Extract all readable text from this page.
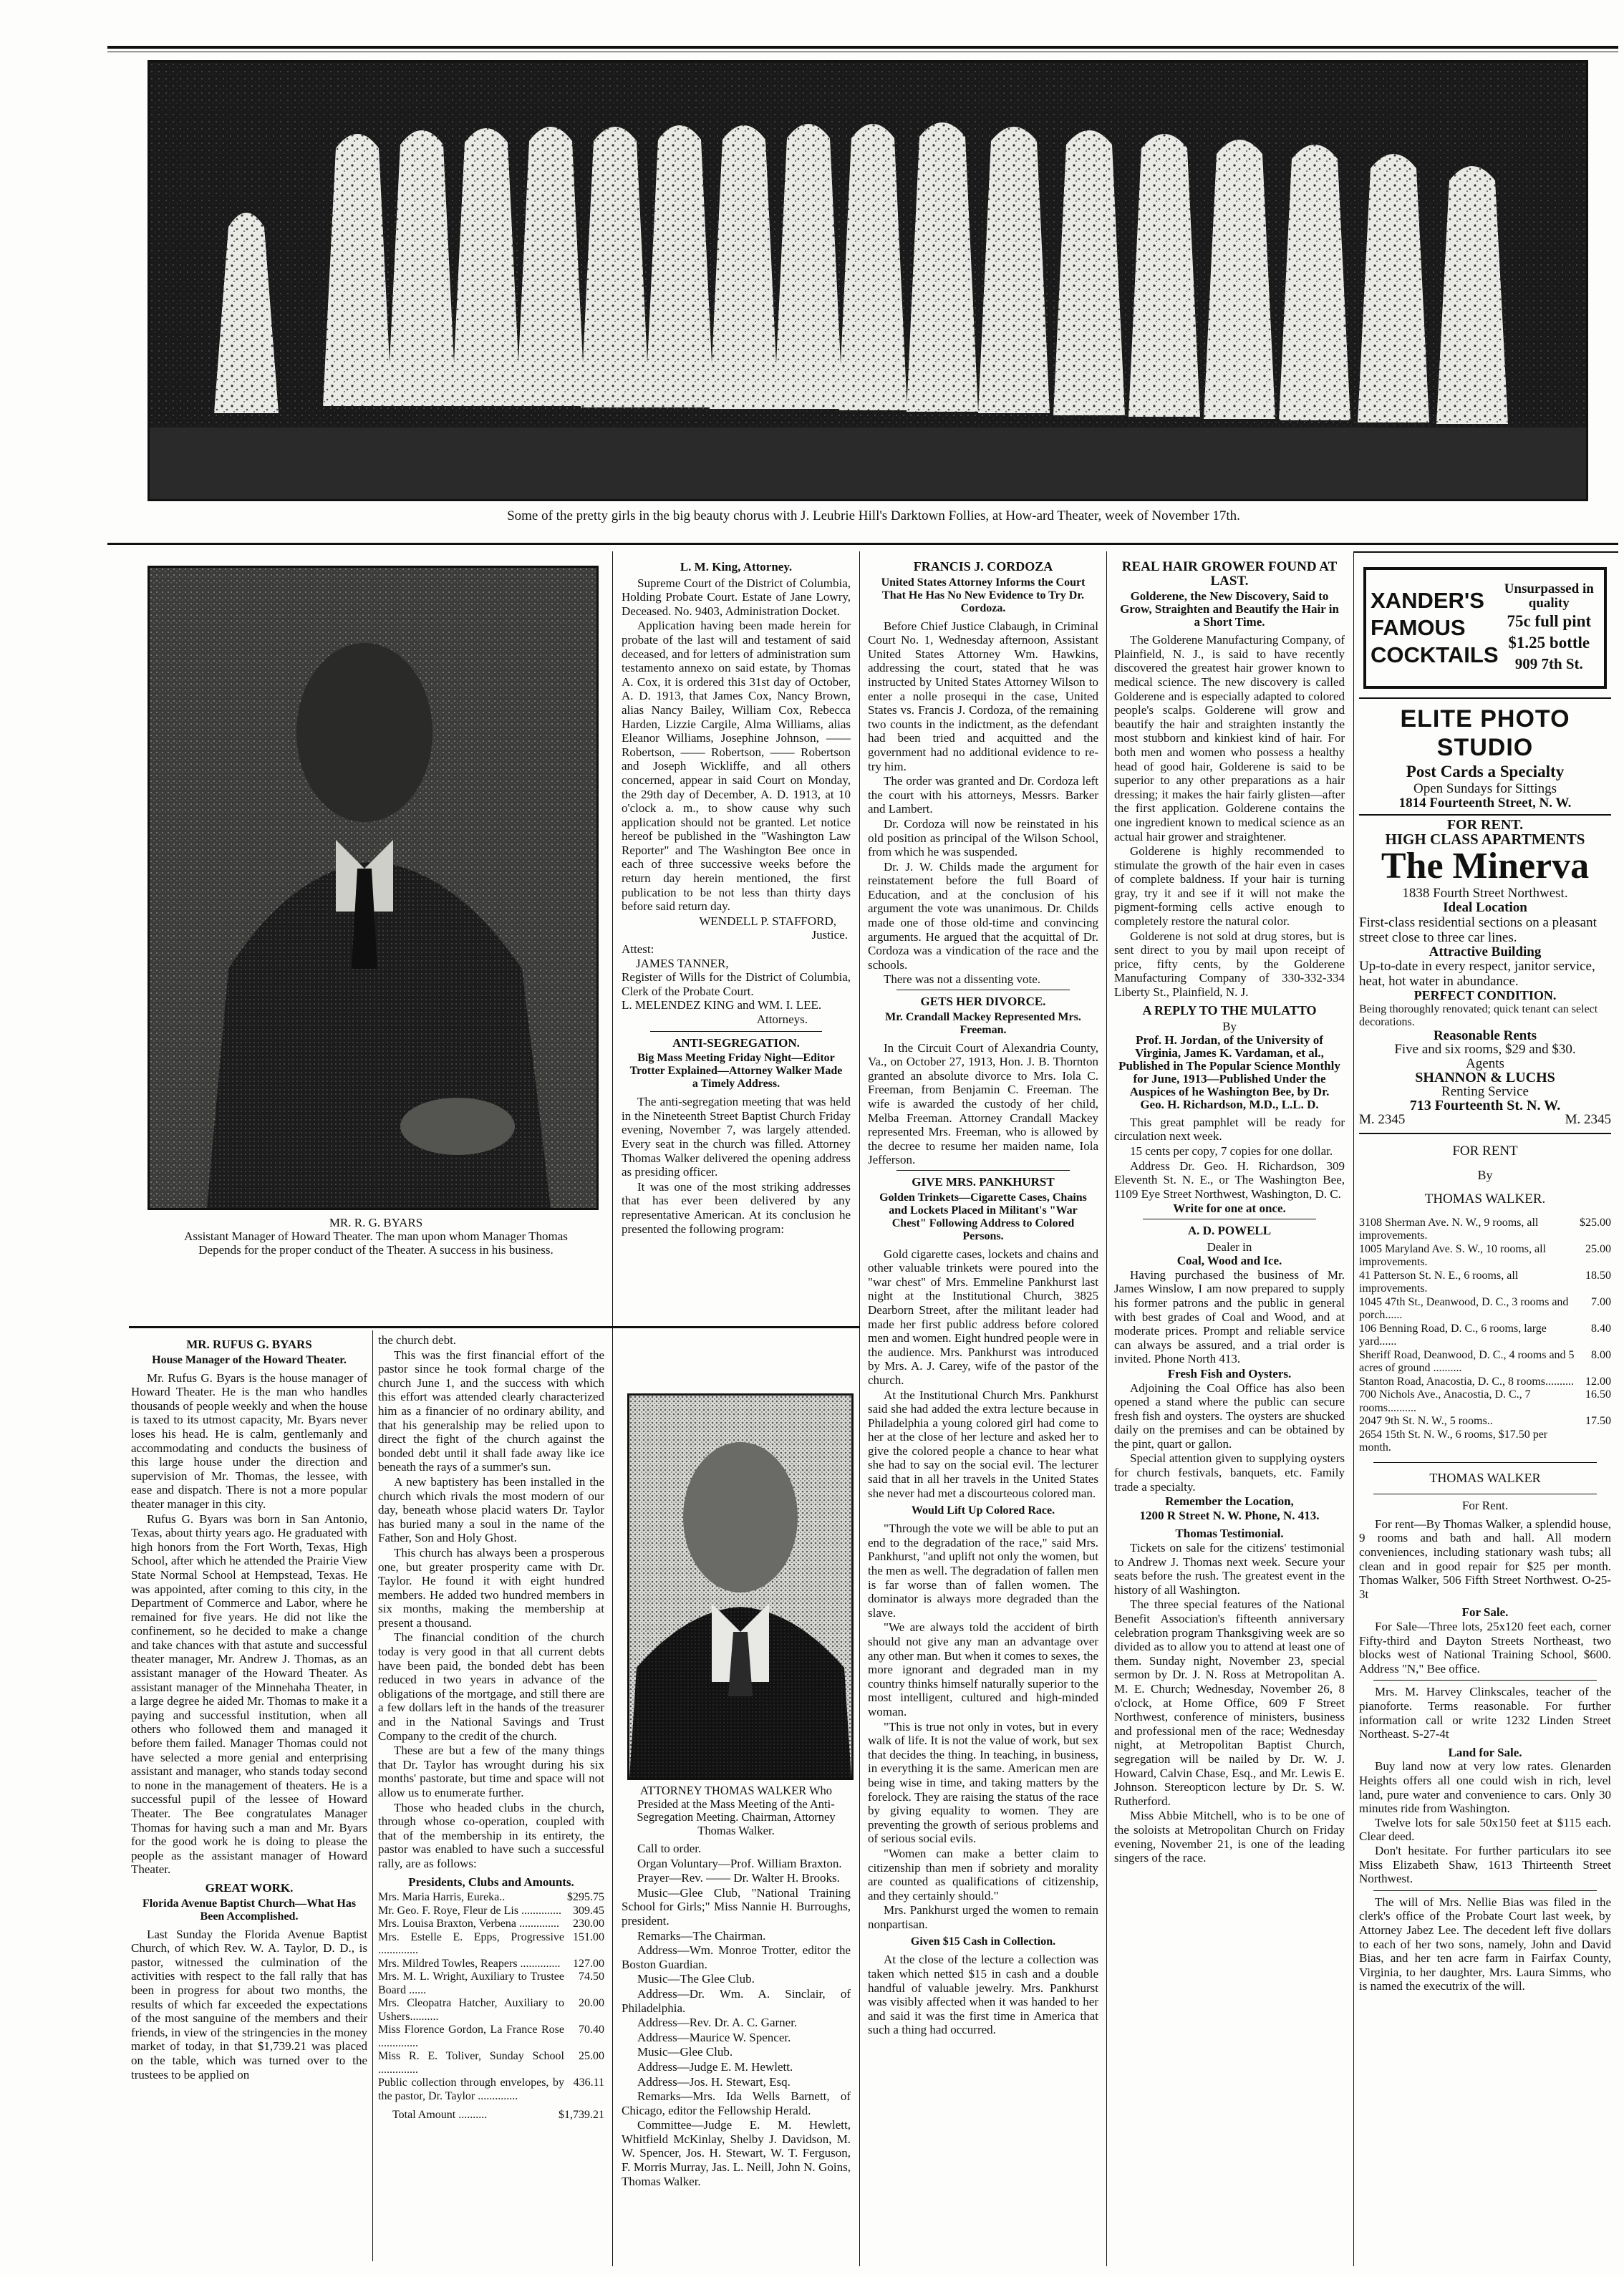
Some of the pretty girls in the big beauty chorus with J. Leubrie Hill's Darktown Follies, at How-ard Theater, week of November 17th.
MR. R. G. BYARS
Assistant Manager of Howard Theater. The man upon whom Manager Thomas Depends for the proper conduct of the Theater. A success in his business.
MR. RUFUS G. BYARS
House Manager of the Howard Theater.

Mr. Rufus G. Byars is the house manager of Howard Theater. He is the man who handles thousands of people weekly and when the house is taxed to its utmost capacity, Mr. Byars never loses his head. He is calm, gentlemanly and accommodating and conducts the business of this large house under the direction and supervision of Mr. Thomas, the lessee, with ease and dispatch. There is not a more popular theater manager in this city.

Rufus G. Byars was born in San Antonio, Texas, about thirty years ago. He graduated with high honors from the Fort Worth, Texas, High School, after which he attended the Prairie View State Normal School at Hempstead, Texas. He was appointed, after coming to this city, in the Department of Commerce and Labor, where he remained for five years. He did not like the confinement, so he decided to make a change and take chances with that astute and successful theater manager, Mr. Andrew J. Thomas, as an assistant manager of the Howard Theater. As assistant manager of the Minnehaha Theater, in a large degree he aided Mr. Thomas to make it a paying and successful institution, when all others who followed them and managed it before them failed. Manager Thomas could not have selected a more genial and enterprising assistant and manager, who stands today second to none in the management of theaters. He is a successful pupil of the lessee of Howard Theater. The Bee congratulates Manager Thomas for having such a man and Mr. Byars for the good work he is doing to please the people as the assistant manager of Howard Theater.

GREAT WORK.
Florida Avenue Baptist Church—What Has Been Accomplished.

Last Sunday the Florida Avenue Baptist Church, of which Rev. W. A. Taylor, D. D., is pastor, witnessed the culmination of the activities with respect to the fall rally that has been in progress for about two months, the results of which far exceeded the expectations of the most sanguine of the members and their friends, in view of the stringencies in the money market of today, in that $1,739.21 was placed on the table, which was turned over to the trustees to be applied on

the church debt.

This was the first financial effort of the pastor since he took formal charge of the church June 1, and the success with which this effort was attended clearly characterized him as a financier of no ordinary ability, and that his generalship may be relied upon to direct the fight of the church against the bonded debt until it shall fade away like ice beneath the rays of a summer's sun.

A new baptistery has been installed in the church which rivals the most modern of our day, beneath whose placid waters Dr. Taylor has buried many a soul in the name of the Father, Son and Holy Ghost.

This church has always been a prosperous one, but greater prosperity came with Dr. Taylor. He found it with eight hundred members. He added two hundred members in six months, making the membership at present a thousand.

The financial condition of the church today is very good in that all current debts have been paid, the bonded debt has been reduced in two years in advance of the obligations of the mortgage, and still there are a few dollars left in the hands of the treasurer and in the National Savings and Trust Company to the credit of the church.

These are but a few of the many things that Dr. Taylor has wrought during his six months' pastorate, but time and space will not allow us to enumerate further.

Those who headed clubs in the church, through whose co-operation, coupled with that of the membership in its entirety, the pastor was enabled to have such a successful rally, are as follows:

Presidents, Clubs and Amounts.
Mrs. Maria Harris, Eureka..	$295.75
Mr. Geo. F. Roye, Fleur de Lis ..............	309.45
Mrs. Louisa Braxton, Verbena ..............	230.00
Mrs. Estelle E. Epps, Progressive ..............	151.00
Mrs. Mildred Towles, Reapers ..............	127.00
Mrs. M. L. Wright, Auxiliary to Trustee Board ......	74.50
Mrs. Cleopatra Hatcher, Auxiliary to Ushers..........	20.00
Miss Florence Gordon, La France Rose ..............	70.40
Miss R. E. Toliver, Sunday School ..............	25.00
Public collection through envelopes, by the pastor, Dr. Taylor ..............	436.11
Total Amount ..........	$1,739.21
L. M. King, Attorney.

Supreme Court of the District of Columbia, Holding Probate Court. Estate of Jane Lowry, Deceased. No. 9403, Administration Docket.

Application having been made herein for probate of the last will and testament of said deceased, and for letters of administration sum testamento annexo on said estate, by Thomas A. Cox, it is ordered this 31st day of October, A. D. 1913, that James Cox, Nancy Brown, alias Nancy Bailey, William Cox, Rebecca Harden, Lizzie Cargile, Alma Williams, alias Eleanor Williams, Josephine Johnson, —— Robertson, —— Robertson, —— Robertson and Joseph Wickliffe, and all others concerned, appear in said Court on Monday, the 29th day of December, A. D. 1913, at 10 o'clock a. m., to show cause why such application should not be granted. Let notice hereof be published in the "Washington Law Reporter" and The Washington Bee once in each of three successive weeks before the return day herein mentioned, the first publication to be not less than thirty days before said return day.

WENDELL P. STAFFORD,
Justice.
Attest:
JAMES TANNER,
Register of Wills for the District of Columbia, Clerk of the Probate Court.
L. MELENDEZ KING and WM. I. LEE.
Attorneys.
ANTI-SEGREGATION.
Big Mass Meeting Friday Night—Editor Trotter Explained—Attorney Walker Made a Timely Address.

The anti-segregation meeting that was held in the Nineteenth Street Baptist Church Friday evening, November 7, was largely attended. Every seat in the church was filled. Attorney Thomas Walker delivered the opening address as presiding officer.

It was one of the most striking addresses that has ever been delivered by any representative American. At its conclusion he presented the following program:

ATTORNEY THOMAS WALKER Who Presided at the Mass Meeting of the Anti-Segregation Meeting. Chairman, Attorney Thomas Walker.

Call to order.

Organ Voluntary—Prof. William Braxton.

Prayer—Rev. —— Dr. Walter H. Brooks.

Music—Glee Club, "National Training School for Girls;" Miss Nannie H. Burroughs, president.

Remarks—The Chairman.

Address—Wm. Monroe Trotter, editor the Boston Guardian.

Music—The Glee Club.

Address—Dr. Wm. A. Sinclair, of Philadelphia.

Address—Rev. Dr. A. C. Garner.

Address—Maurice W. Spencer.

Music—Glee Club.

Address—Judge E. M. Hewlett.

Address—Jos. H. Stewart, Esq.

Remarks—Mrs. Ida Wells Barnett, of Chicago, editor the Fellowship Herald.

Committee—Judge E. M. Hewlett, Whitfield McKinlay, Shelby J. Davidson, M. W. Spencer, Jos. H. Stewart, W. T. Ferguson, F. Morris Murray, Jas. L. Neill, John N. Goins, Thomas Walker.

FRANCIS J. CORDOZA
United States Attorney Informs the Court That He Has No New Evidence to Try Dr. Cordoza.

Before Chief Justice Clabaugh, in Criminal Court No. 1, Wednesday afternoon, Assistant United States Attorney Wm. Hawkins, addressing the court, stated that he was instructed by United States Attorney Wilson to enter a nolle prosequi in the case, United States vs. Francis J. Cordoza, of the remaining two counts in the indictment, as the defendant had been tried and acquitted and the government had no additional evidence to re-try him.

The order was granted and Dr. Cordoza left the court with his attorneys, Messrs. Barker and Lambert.

Dr. Cordoza will now be reinstated in his old position as principal of the Wilson School, from which he was suspended.

Dr. J. W. Childs made the argument for reinstatement before the full Board of Education, and at the conclusion of his argument the vote was unanimous. Dr. Childs made one of those old-time and convincing arguments. He argued that the acquittal of Dr. Cordoza was a vindication of the race and the schools.

There was not a dissenting vote.

GETS HER DIVORCE.
Mr. Crandall Mackey Represented Mrs. Freeman.

In the Circuit Court of Alexandria County, Va., on October 27, 1913, Hon. J. B. Thornton granted an absolute divorce to Mrs. Iola C. Freeman, from Benjamin C. Freeman. The wife is awarded the custody of her child, Melba Freeman. Attorney Crandall Mackey represented Mrs. Freeman, who is allowed by the decree to resume her maiden name, Iola Jefferson.

GIVE MRS. PANKHURST
Golden Trinkets—Cigarette Cases, Chains and Lockets Placed in Militant's "War Chest" Following Address to Colored Persons.

Gold cigarette cases, lockets and chains and other valuable trinkets were poured into the "war chest" of Mrs. Emmeline Pankhurst last night at the Institutional Church, 3825 Dearborn Street, after the militant leader had made her first public address before colored men and women. Eight hundred people were in the audience. Mrs. Pankhurst was introduced by Mrs. A. J. Carey, wife of the pastor of the church.

At the Institutional Church Mrs. Pankhurst said she had added the extra lecture because in Philadelphia a young colored girl had come to her at the close of her lecture and asked her to give the colored people a chance to hear what she had to say on the social evil. The lecturer said that in all her travels in the United States she never had met a discourteous colored man.

Would Lift Up Colored Race.

"Through the vote we will be able to put an end to the degradation of the race," said Mrs. Pankhurst, "and uplift not only the women, but the men as well. The degradation of fallen men is far worse than of fallen women. The dominator is always more degraded than the slave.

"We are always told the accident of birth should not give any man an advantage over any other man. But when it comes to sexes, the more ignorant and degraded man in my country thinks himself naturally superior to the most intelligent, cultured and high-minded woman.

"This is true not only in votes, but in every walk of life. It is not the value of work, but sex that decides the thing. In teaching, in business, in everything it is the same. American men are being wise in time, and taking matters by the forelock. They are raising the status of the race by giving equality to women. They are preventing the growth of serious problems and of serious social evils.

"Women can make a better claim to citizenship than men if sobriety and morality are counted as qualifications of citizenship, and they certainly should."

Mrs. Pankhurst urged the women to remain nonpartisan.

Given $15 Cash in Collection.

At the close of the lecture a collection was taken which netted $15 in cash and a double handful of valuable jewelry. Mrs. Pankhurst was visibly affected when it was handed to her and said it was the first time in America that such a thing had occurred.

REAL HAIR GROWER FOUND AT LAST.
Golderene, the New Discovery, Said to Grow, Straighten and Beautify the Hair in a Short Time.

The Golderene Manufacturing Company, of Plainfield, N. J., is said to have recently discovered the greatest hair grower known to medical science. The new discovery is called Golderene and is especially adapted to colored people's scalps. Golderene will grow and beautify the hair and straighten instantly the most stubborn and kinkiest kind of hair. For both men and women who possess a healthy head of good hair, Golderene is said to be superior to any other preparations as a hair dressing; it makes the hair fairly glisten—after the first application. Golderene contains the one ingredient known to medical science as an actual hair grower and straightener.

Golderene is highly recommended to stimulate the growth of the hair even in cases of complete baldness. If your hair is turning gray, try it and see if it will not make the pigment-forming cells active enough to completely restore the natural color.

Golderene is not sold at drug stores, but is sent direct to you by mail upon receipt of price, fifty cents, by the Golderene Manufacturing Company of 330-332-334 Liberty St., Plainfield, N. J.

A REPLY TO THE MULATTO
By
Prof. H. Jordan, of the University of Virginia, James K. Vardaman, et al., Published in The Popular Science Monthly for June, 1913—Published Under the Auspices of he Washington Bee, by Dr. Geo. H. Richardson, M.D., L.L. D.

This great pamphlet will be ready for circulation next week.

15 cents per copy, 7 copies for one dollar.

Address Dr. Geo. H. Richardson, 309 Eleventh St. N. E., or The Washington Bee, 1109 Eye Street Northwest, Washington, D. C.

Write for one at once.
A. D. POWELL
Dealer in
Coal, Wood and Ice.

Having purchased the business of Mr. James Winslow, I am now prepared to supply his former patrons and the public in general with best grades of Coal and Wood, and at moderate prices. Prompt and reliable service can always be assured, and a trial order is invited. Phone North 413.

Fresh Fish and Oysters.

Adjoining the Coal Office has also been opened a stand where the public can secure fresh fish and oysters. The oysters are shucked daily on the premises and can be obtained by the pint, quart or gallon.

Special attention given to supplying oysters for church festivals, banquets, etc. Family trade a specialty.

Remember the Location,
1200 R Street N. W. Phone, N. 413.
Thomas Testimonial.

Tickets on sale for the citizens' testimonial to Andrew J. Thomas next week. Secure your seats before the rush. The greatest event in the history of all Washington.

The three special features of the National Benefit Association's fifteenth anniversary celebration program Thanksgiving week are so divided as to allow you to attend at least one of them. Sunday night, November 23, special sermon by Dr. J. N. Ross at Metropolitan A. M. E. Church; Wednesday, November 26, 8 o'clock, at Home Office, 609 F Street Northwest, conference of ministers, business and professional men of the race; Wednesday night, at Metropolitan Baptist Church, segregation will be nailed by Dr. W. J. Howard, Calvin Chase, Esq., and Mr. Lewis E. Johnson. Stereopticon lecture by Dr. S. W. Rutherford.

Miss Abbie Mitchell, who is to be one of the soloists at Metropolitan Church on Friday evening, November 21, is one of the leading singers of the race.

XANDER'S
FAMOUS
COCKTAILS
Unsurpassed in quality
75c full pint
$1.25 bottle
909 7th St.
ELITE PHOTO STUDIO
Post Cards a Specialty
Open Sundays for Sittings
1814 Fourteenth Street, N. W.
FOR RENT.
HIGH CLASS APARTMENTS
The Minerva
1838 Fourth Street Northwest.
Ideal Location
First-class residential sections on a pleasant street close to three car lines.
Attractive Building
Up-to-date in every respect, janitor service, heat, hot water in abundance.
PERFECT CONDITION.
Being thoroughly renovated; quick tenant can select decorations.
Reasonable Rents
Five and six rooms, $29 and $30.
Agents
SHANNON & LUCHS
Renting Service
713 Fourteenth St. N. W.
M. 2345	M. 2345
FOR RENT
By
THOMAS WALKER.
3108 Sherman Ave. N. W., 9 rooms, all improvements.	$25.00
1005 Maryland Ave. S. W., 10 rooms, all improvements.	25.00
41 Patterson St. N. E., 6 rooms, all improvements.	18.50
1045 47th St., Deanwood, D. C., 3 rooms and porch......	7.00
106 Benning Road, D. C., 6 rooms, large yard......	8.40
Sheriff Road, Deanwood, D. C., 4 rooms and 5 acres of ground ..........	8.00
Stanton Road, Anacostia, D. C., 8 rooms..........	12.00
700 Nichols Ave., Anacostia, D. C., 7 rooms..........	16.50
2047 9th St. N. W., 5 rooms..	17.50
2654 15th St. N. W., 6 rooms, $17.50 per month.	
THOMAS WALKER
For Rent.
For rent—By Thomas Walker, a splendid house, 9 rooms and bath and hall. All modern conveniences, including stationary wash tubs; all clean and in good repair for $25 per month. Thomas Walker, 506 Fifth Street Northwest. O-25-3t
For Sale.
For Sale—Three lots, 25x120 feet each, corner Fifty-third and Dayton Streets Northeast, two blocks west of National Training School, $600. Address "N," Bee office.
Mrs. M. Harvey Clinkscales, teacher of the pianoforte. Terms reasonable. For further information call or write 1232 Linden Street Northeast. S-27-4t
Land for Sale.
Buy land now at very low rates. Glenarden Heights offers all one could wish in rich, level land, pure water and convenience to cars. Only 30 minutes ride from Washington.
Twelve lots for sale 50x150 feet at $115 each. Clear deed.
Don't hesitate. For further particulars ito see Miss Elizabeth Shaw, 1613 Thirteenth Street Northwest.
The will of Mrs. Nellie Bias was filed in the clerk's office of the Probate Court last week, by Attorney Jabez Lee. The decedent left five dollars to each of her two sons, namely, John and David Bias, and her ten acre farm in Fairfax County, Virginia, to her daughter, Mrs. Laura Simms, who is named the executrix of the will.
